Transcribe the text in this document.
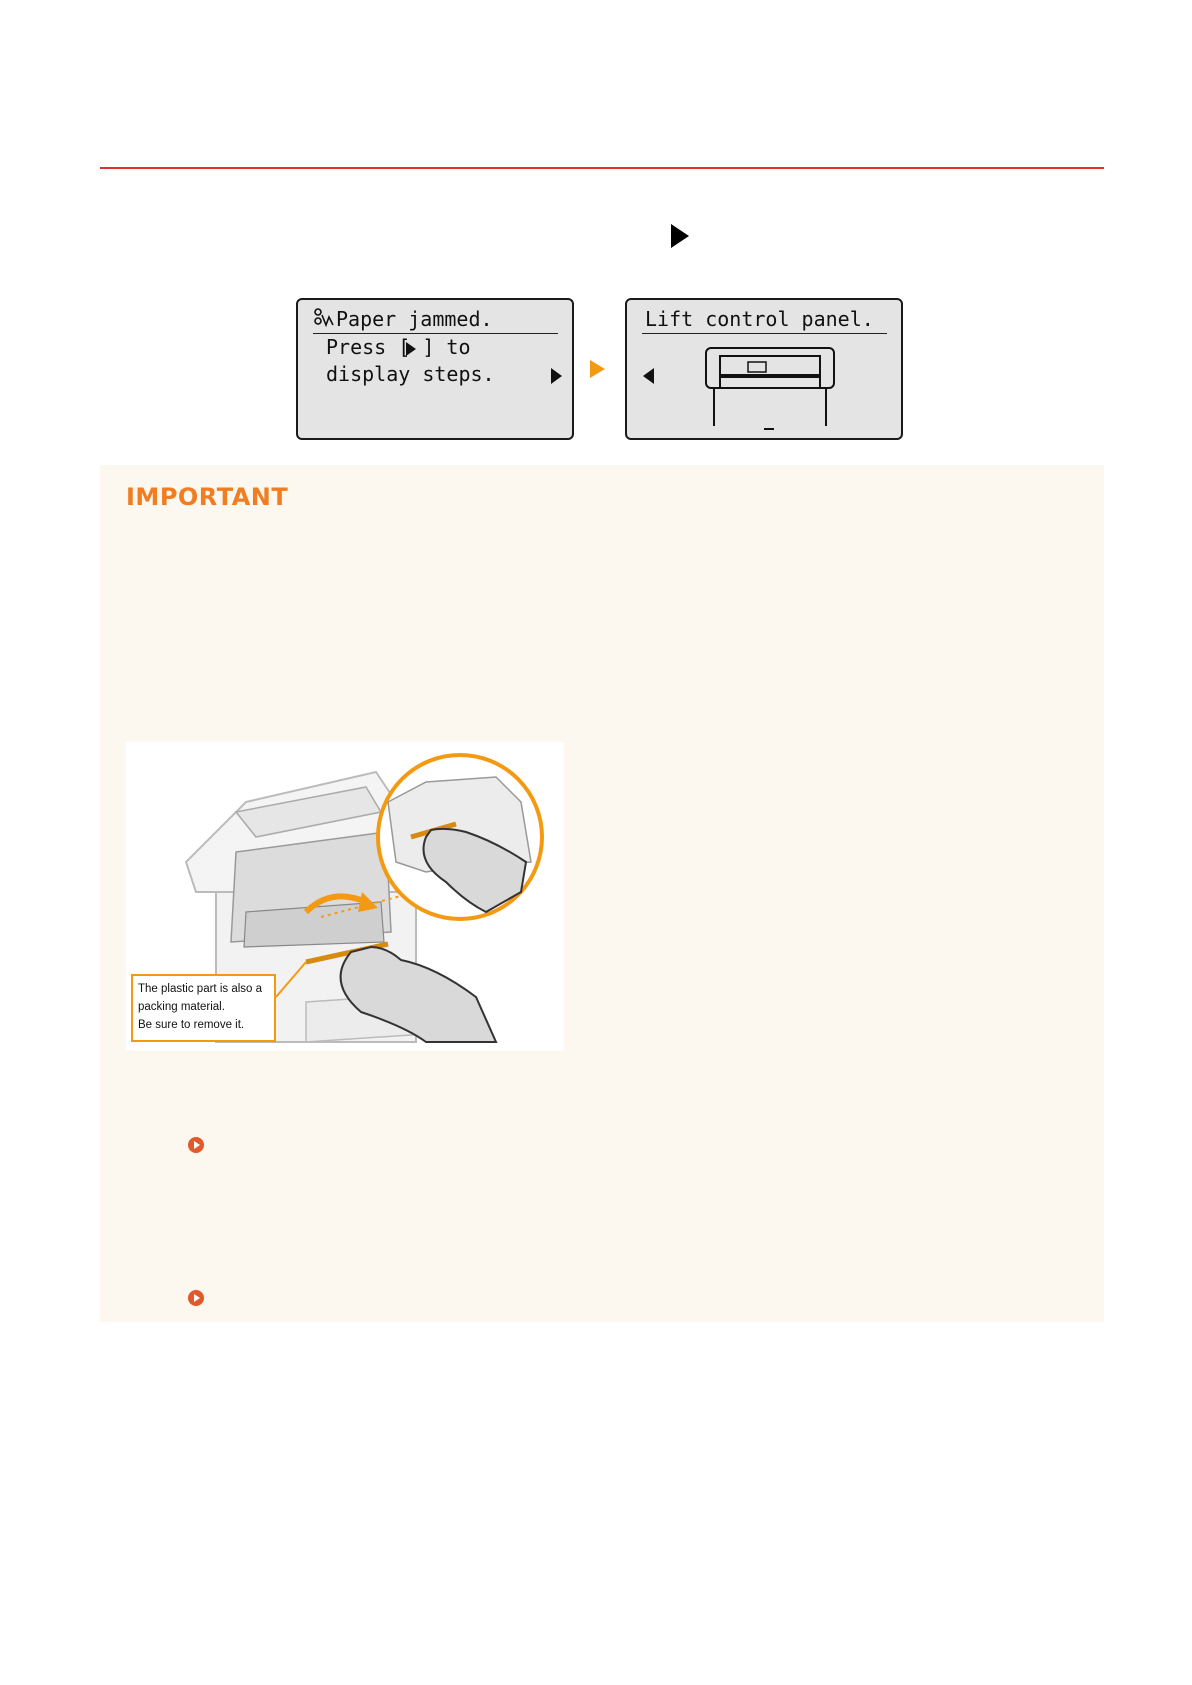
Paper jammed.
Press [ ] to
display steps.
Lift control panel.
IMPORTANT
The plastic part is also a
packing material.
Be sure to remove it.
